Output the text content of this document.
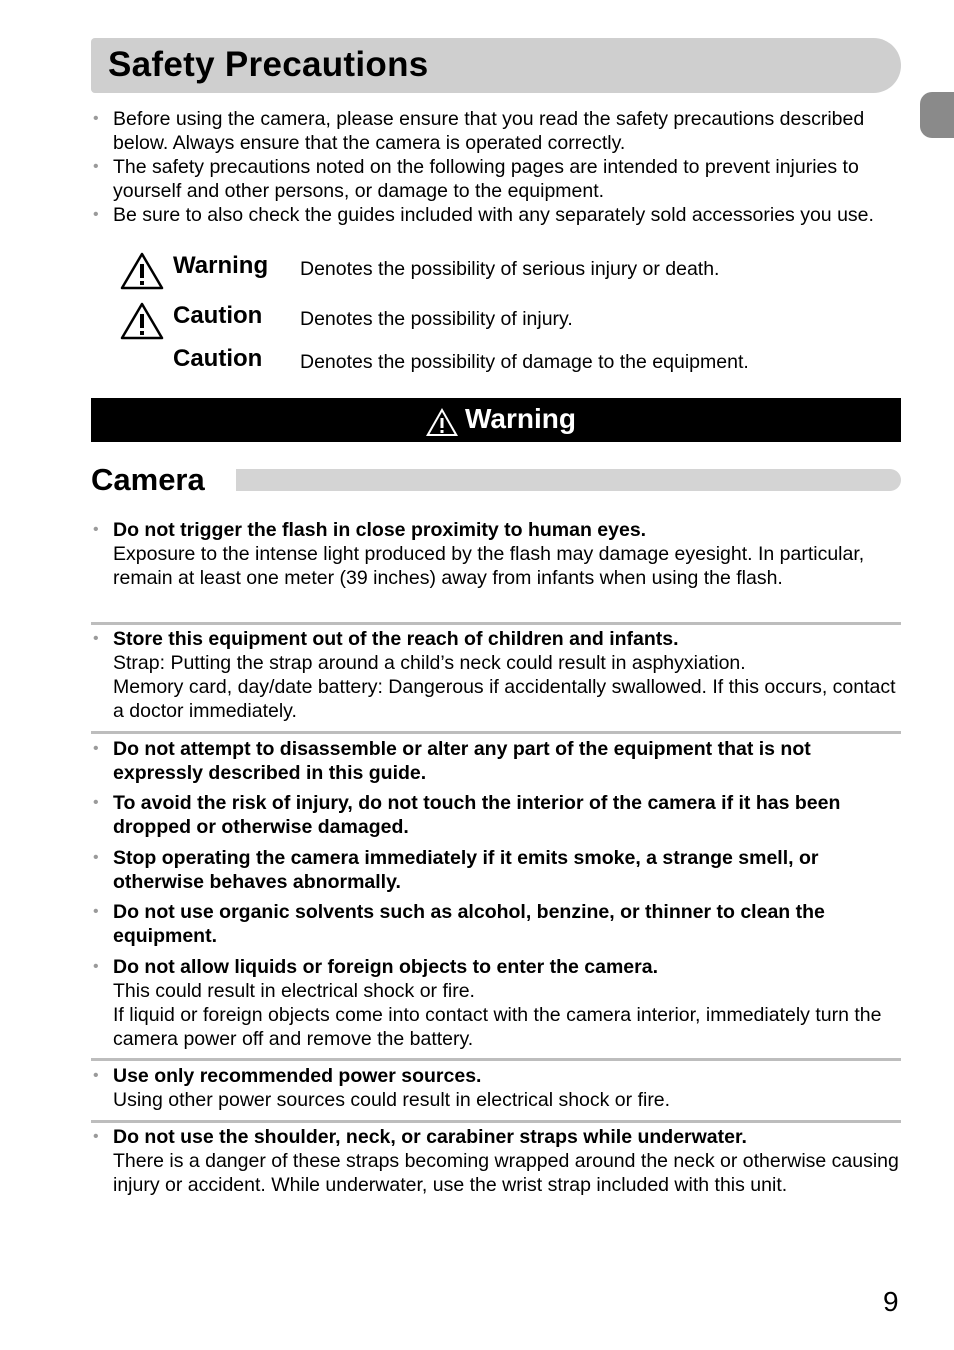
Safety Precautions
• Before using the camera, please ensure that you read the safety precautions described below. Always ensure that the camera is operated correctly.
• The safety precautions noted on the following pages are intended to prevent injuries to yourself and other persons, or damage to the equipment.
• Be sure to also check the guides included with any separately sold accessories you use.
Warning Denotes the possibility of serious injury or death.
Caution Denotes the possibility of injury.
Caution Denotes the possibility of damage to the equipment.
Warning
Camera
• Do not trigger the flash in close proximity to human eyes.
Exposure to the intense light produced by the flash may damage eyesight. In particular, remain at least one meter (39 inches) away from infants when using the flash.
• Store this equipment out of the reach of children and infants.
Strap: Putting the strap around a child’s neck could result in asphyxiation.
Memory card, day/date battery: Dangerous if accidentally swallowed. If this occurs, contact a doctor immediately.
• Do not attempt to disassemble or alter any part of the equipment that is not expressly described in this guide.
• To avoid the risk of injury, do not touch the interior of the camera if it has been dropped or otherwise damaged.
• Stop operating the camera immediately if it emits smoke, a strange smell, or otherwise behaves abnormally.
• Do not use organic solvents such as alcohol, benzine, or thinner to clean the equipment.
• Do not allow liquids or foreign objects to enter the camera.
This could result in electrical shock or fire.
If liquid or foreign objects come into contact with the camera interior, immediately turn the camera power off and remove the battery.
• Use only recommended power sources.
Using other power sources could result in electrical shock or fire.
• Do not use the shoulder, neck, or carabiner straps while underwater.
There is a danger of these straps becoming wrapped around the neck or otherwise causing injury or accident. While underwater, use the wrist strap included with this unit.
9
